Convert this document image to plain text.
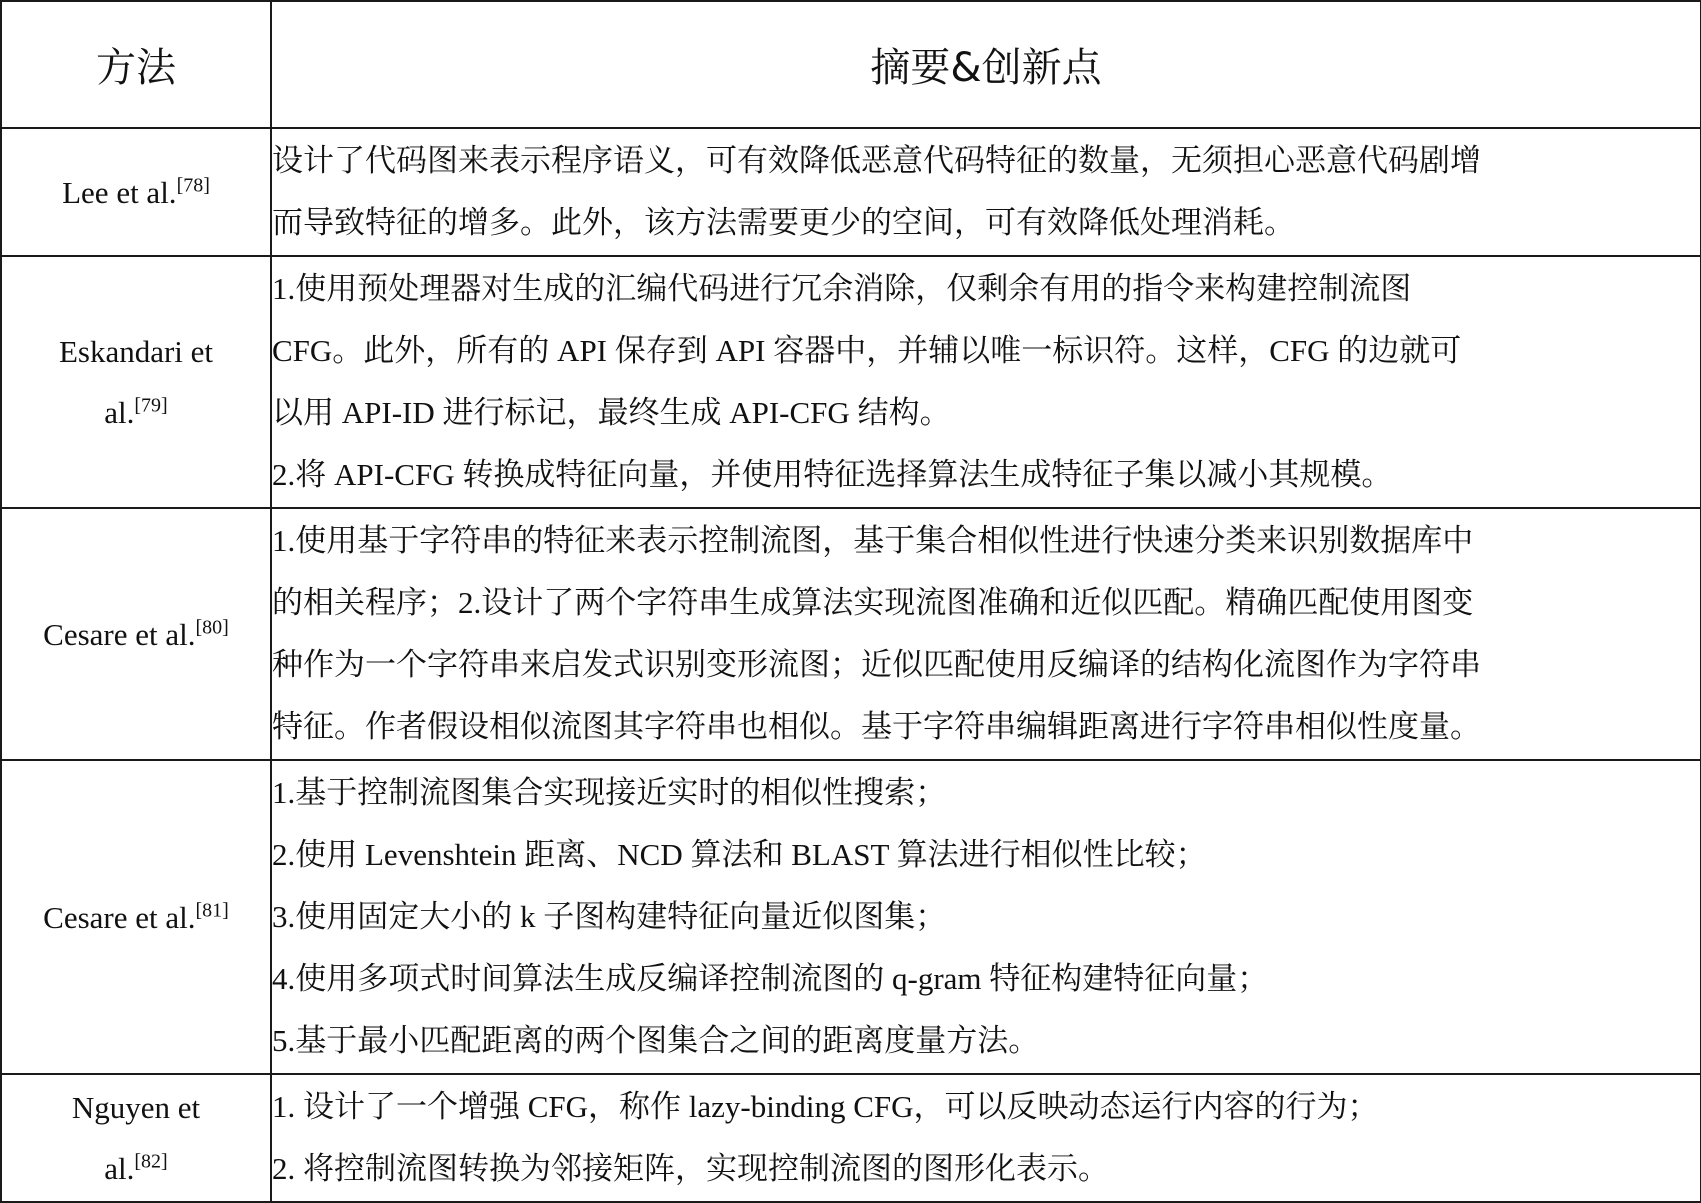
方法	摘要&创新点
Lee et al.[78]	设计了代码图来表示程序语义，可有效降低恶意代码特征的数量，无须担心恶意代码剧增
而导致特征的增多。此外，该方法需要更少的空间，可有效降低处理消耗。

Eskandari et
al.[79]	1.使用预处理器对生成的汇编代码进行冗余消除，仅剩余有用的指令来构建控制流图
CFG。此外，所有的 API 保存到 API 容器中，并辅以唯一标识符。这样，CFG 的边就可
以用 API-ID 进行标记，最终生成 API-CFG 结构。
2.将 API-CFG 转换成特征向量，并使用特征选择算法生成特征子集以减小其规模。

Cesare et al.[80]	1.使用基于字符串的特征来表示控制流图，基于集合相似性进行快速分类来识别数据库中
的相关程序；2.设计了两个字符串生成算法实现流图准确和近似匹配。精确匹配使用图变
种作为一个字符串来启发式识别变形流图；近似匹配使用反编译的结构化流图作为字符串
特征。作者假设相似流图其字符串也相似。基于字符串编辑距离进行字符串相似性度量。

Cesare et al.[81]	1.基于控制流图集合实现接近实时的相似性搜索；
2.使用 Levenshtein 距离、NCD 算法和 BLAST 算法进行相似性比较；
3.使用固定大小的 k 子图构建特征向量近似图集；
4.使用多项式时间算法生成反编译控制流图的 q-gram 特征构建特征向量；
5.基于最小匹配距离的两个图集合之间的距离度量方法。

Nguyen et
al.[82]	1. 设计了一个增强 CFG，称作 lazy-binding CFG，可以反映动态运行内容的行为；
2. 将控制流图转换为邻接矩阵，实现控制流图的图形化表示。
